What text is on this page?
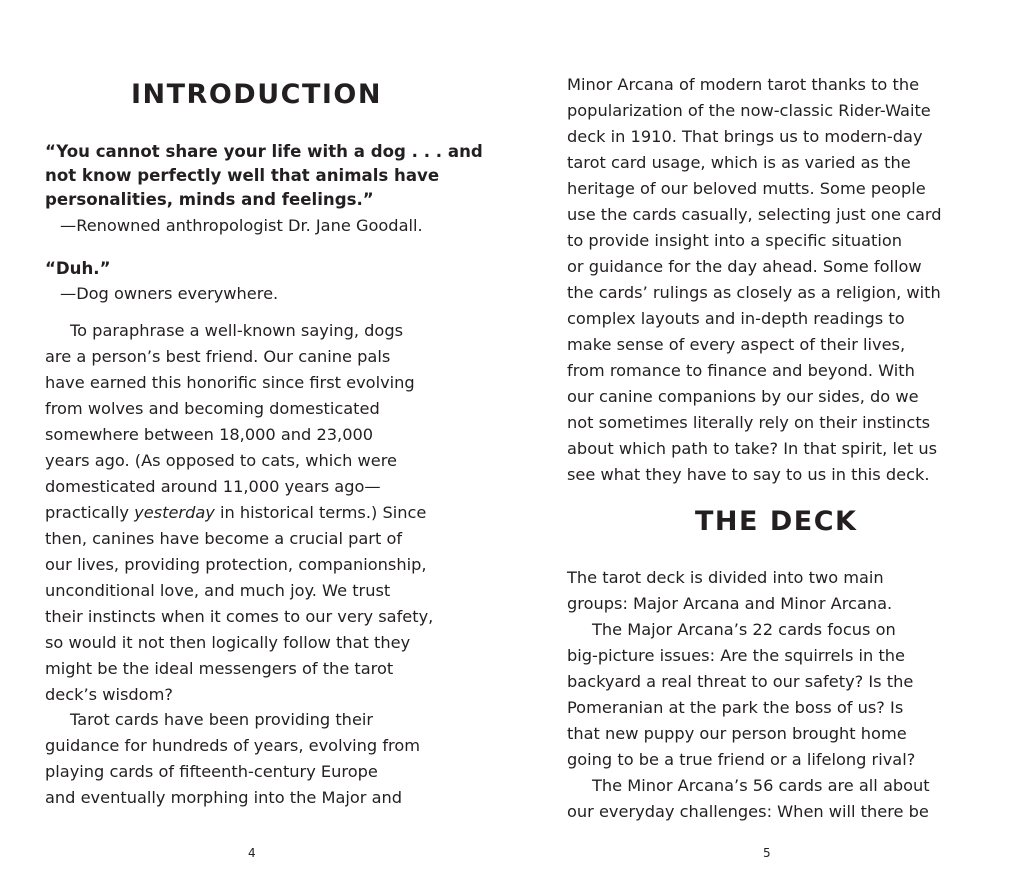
INTRODUCTION

“You cannot share your life with a dog . . . and

not know perfectly well that animals have

personalities, minds and feelings.”

—Renowned anthropologist Dr. Jane Goodall.

“Duh.”

—Dog owners everywhere.

To paraphrase a well-known saying, dogs

are a person’s best friend. Our canine pals

have earned this honorific since first evolving

from wolves and becoming domesticated

somewhere between 18,000 and 23,000

years ago. (As opposed to cats, which were

domesticated around 11,000 years ago—

practically yesterday in historical terms.) Since

then, canines have become a crucial part of

our lives, providing protection, companionship,

unconditional love, and much joy. We trust

their instincts when it comes to our very safety,

so would it not then logically follow that they

might be the ideal messengers of the tarot

deck’s wisdom?

Tarot cards have been providing their

guidance for hundreds of years, evolving from

playing cards of fifteenth-century Europe

and eventually morphing into the Major and

4

Minor Arcana of modern tarot thanks to the

popularization of the now-classic Rider-Waite

deck in 1910. That brings us to modern-day

tarot card usage, which is as varied as the

heritage of our beloved mutts. Some people

use the cards casually, selecting just one card

to provide insight into a specific situation

or guidance for the day ahead. Some follow

the cards’ rulings as closely as a religion, with

complex layouts and in-depth readings to

make sense of every aspect of their lives,

from romance to finance and beyond. With

our canine companions by our sides, do we

not sometimes literally rely on their instincts

about which path to take? In that spirit, let us

see what they have to say to us in this deck.

THE DECK

The tarot deck is divided into two main

groups: Major Arcana and Minor Arcana.

The Major Arcana’s 22 cards focus on

big-picture issues: Are the squirrels in the

backyard a real threat to our safety? Is the

Pomeranian at the park the boss of us? Is

that new puppy our person brought home

going to be a true friend or a lifelong rival?

The Minor Arcana’s 56 cards are all about

our everyday challenges: When will there be

5
